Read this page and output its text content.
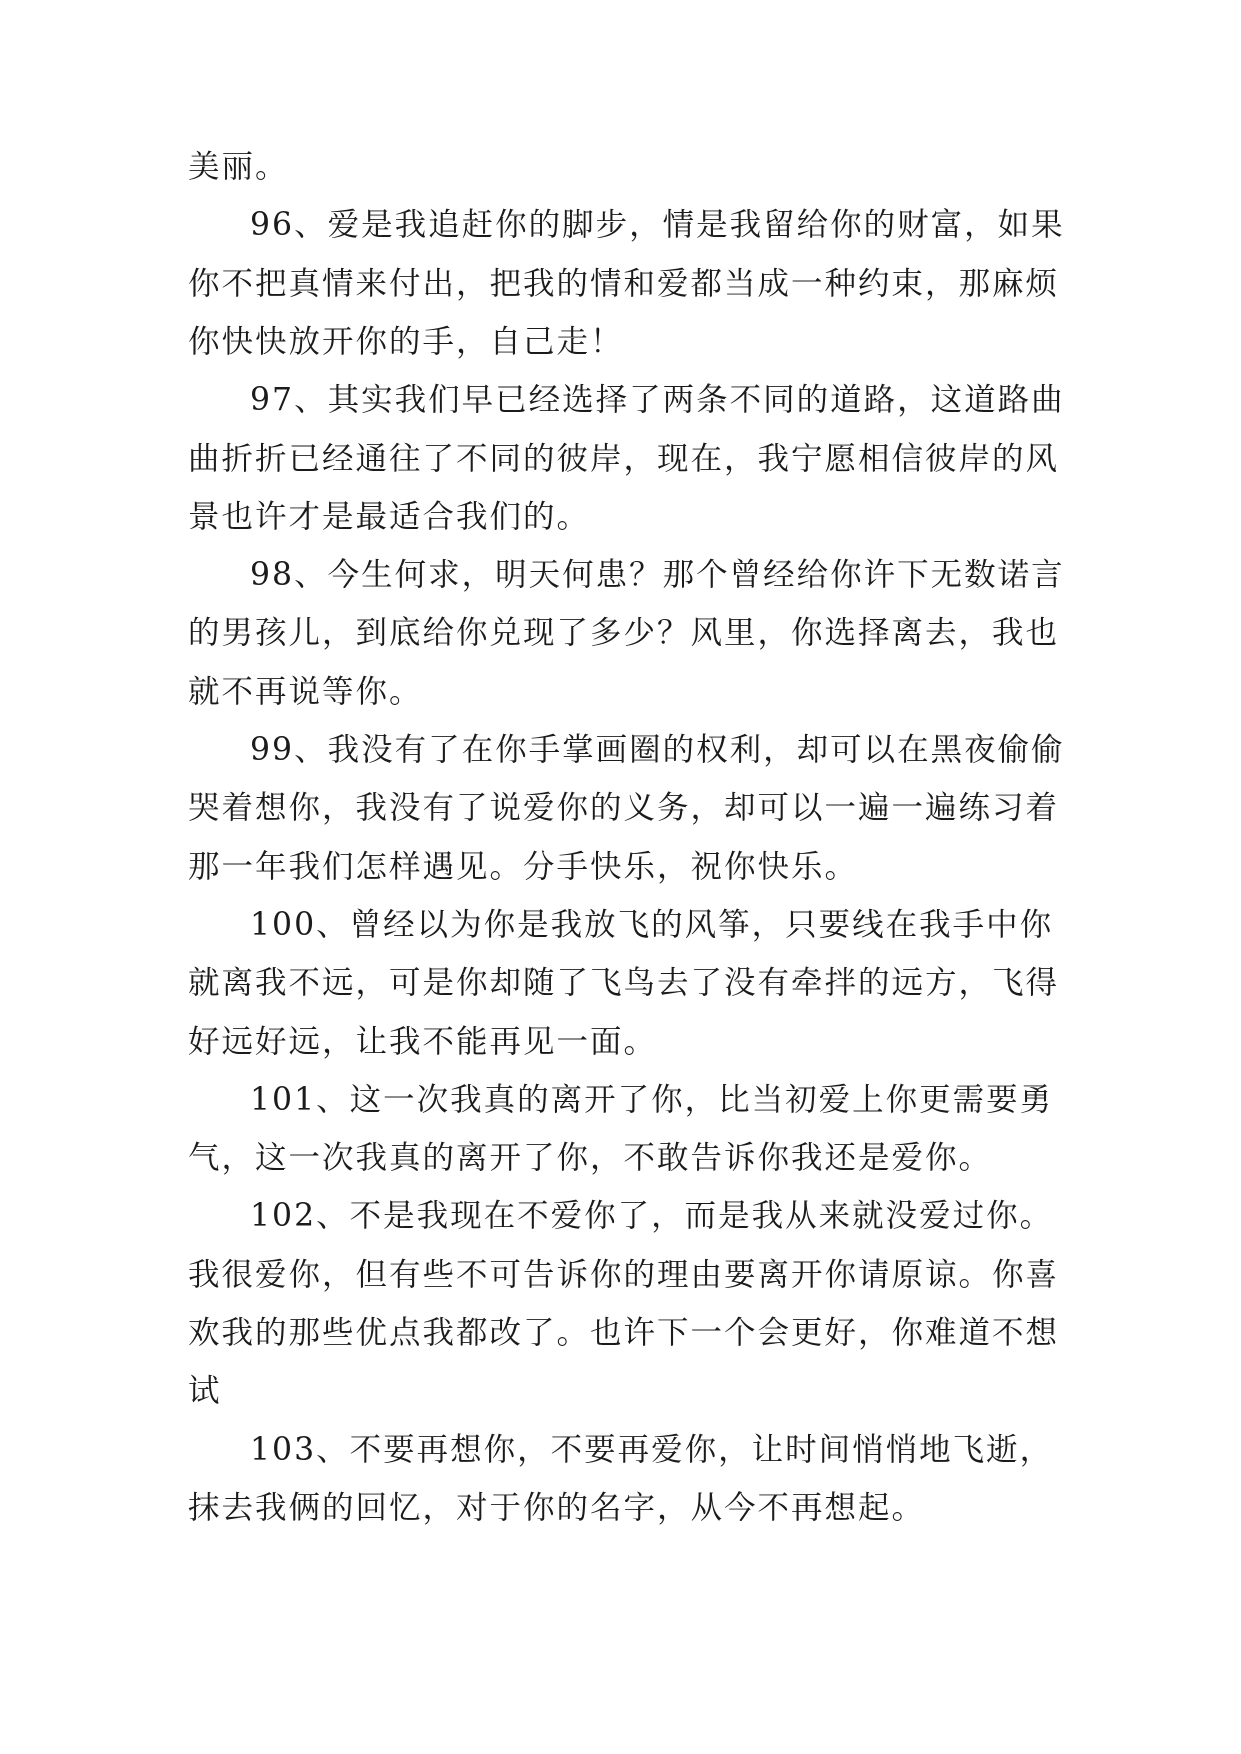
美丽。
96、爱是我追赶你的脚步，情是我留给你的财富，如果
你不把真情来付出，把我的情和爱都当成一种约束，那麻烦
你快快放开你的手，自己走！
97、其实我们早已经选择了两条不同的道路，这道路曲
曲折折已经通往了不同的彼岸，现在，我宁愿相信彼岸的风
景也许才是最适合我们的。
98、今生何求，明天何患？那个曾经给你许下无数诺言
的男孩儿，到底给你兑现了多少？风里，你选择离去，我也
就不再说等你。
99、我没有了在你手掌画圈的权利，却可以在黑夜偷偷
哭着想你，我没有了说爱你的义务，却可以一遍一遍练习着
那一年我们怎样遇见。分手快乐，祝你快乐。
100、曾经以为你是我放飞的风筝，只要线在我手中你
就离我不远，可是你却随了飞鸟去了没有牵拌的远方，飞得
好远好远，让我不能再见一面。
101、这一次我真的离开了你，比当初爱上你更需要勇
气，这一次我真的离开了你，不敢告诉你我还是爱你。
102、不是我现在不爱你了，而是我从来就没爱过你。
我很爱你，但有些不可告诉你的理由要离开你请原谅。你喜
欢我的那些优点我都改了。也许下一个会更好，你难道不想
试
103、不要再想你，不要再爱你，让时间悄悄地飞逝，
抹去我俩的回忆，对于你的名字，从今不再想起。
